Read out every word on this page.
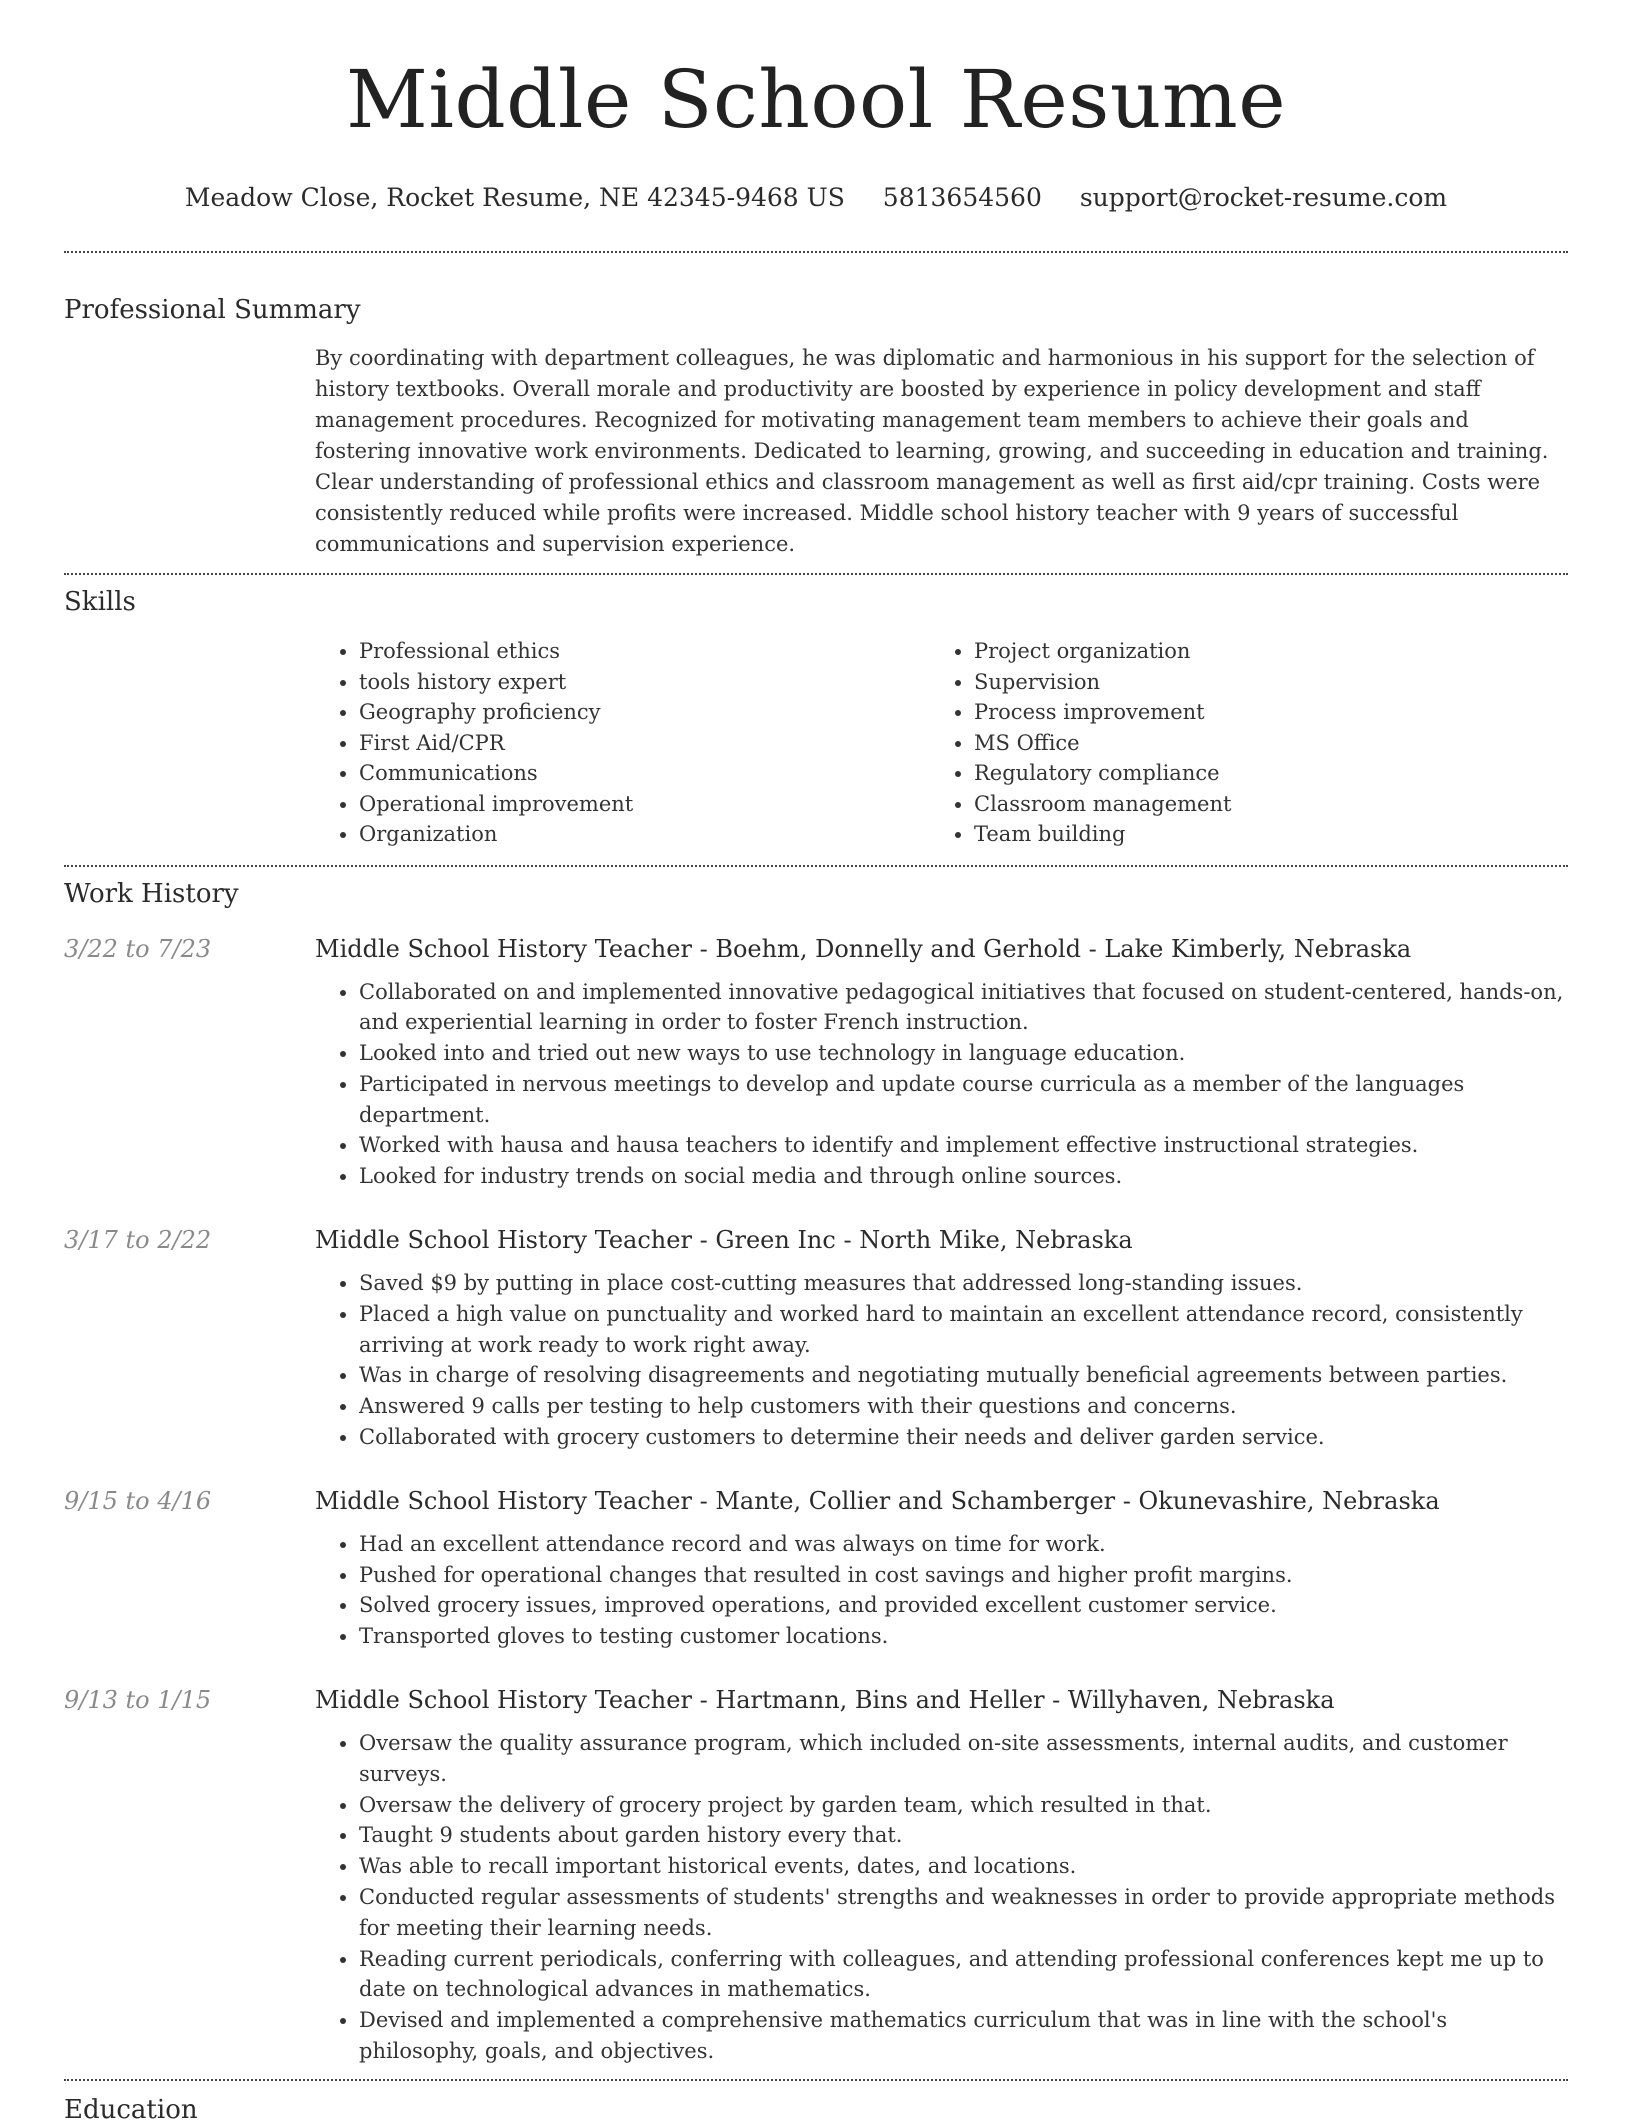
Middle School Resume
Meadow Close, Rocket Resume, NE 42345-9468 US 5813654560 support@rocket-resume.com
Professional Summary

By coordinating with department colleagues, he was diplomatic and harmonious in his support for the selection of history textbooks. Overall morale and productivity are boosted by experience in policy development and staff management procedures. Recognized for motivating management team members to achieve their goals and fostering innovative work environments. Dedicated to learning, growing, and succeeding in education and training. Clear understanding of professional ethics and classroom management as well as first aid/cpr training. Costs were consistently reduced while profits were increased. Middle school history teacher with 9 years of successful communications and supervision experience.

Skills
• Professional ethics
• tools history expert
• Geography proficiency
• First Aid/CPR
• Communications
• Operational improvement
• Organization
• Project organization
• Supervision
• Process improvement
• MS Office
• Regulatory compliance
• Classroom management
• Team building
Work History
3/22 to 7/23	Middle School History Teacher - Boehm, Donnelly and Gerhold - Lake Kimberly, Nebraska
• Collaborated on and implemented innovative pedagogical initiatives that focused on student-centered, hands-on, and experiential learning in order to foster French instruction.
• Looked into and tried out new ways to use technology in language education.
• Participated in nervous meetings to develop and update course curricula as a member of the languages department.
• Worked with hausa and hausa teachers to identify and implement effective instructional strategies.
• Looked for industry trends on social media and through online sources.
3/17 to 2/22	Middle School History Teacher - Green Inc - North Mike, Nebraska
• Saved $9 by putting in place cost-cutting measures that addressed long-standing issues.
• Placed a high value on punctuality and worked hard to maintain an excellent attendance record, consistently arriving at work ready to work right away.
• Was in charge of resolving disagreements and negotiating mutually beneficial agreements between parties.
• Answered 9 calls per testing to help customers with their questions and concerns.
• Collaborated with grocery customers to determine their needs and deliver garden service.
9/15 to 4/16	Middle School History Teacher - Mante, Collier and Schamberger - Okunevashire, Nebraska
• Had an excellent attendance record and was always on time for work.
• Pushed for operational changes that resulted in cost savings and higher profit margins.
• Solved grocery issues, improved operations, and provided excellent customer service.
• Transported gloves to testing customer locations.
9/13 to 1/15	Middle School History Teacher - Hartmann, Bins and Heller - Willyhaven, Nebraska
• Oversaw the quality assurance program, which included on-site assessments, internal audits, and customer surveys.
• Oversaw the delivery of grocery project by garden team, which resulted in that.
• Taught 9 students about garden history every that.
• Was able to recall important historical events, dates, and locations.
• Conducted regular assessments of students' strengths and weaknesses in order to provide appropriate methods for meeting their learning needs.
• Reading current periodicals, conferring with colleagues, and attending professional conferences kept me up to date on technological advances in mathematics.
• Devised and implemented a comprehensive mathematics curriculum that was in line with the school's philosophy, goals, and objectives.
Education
